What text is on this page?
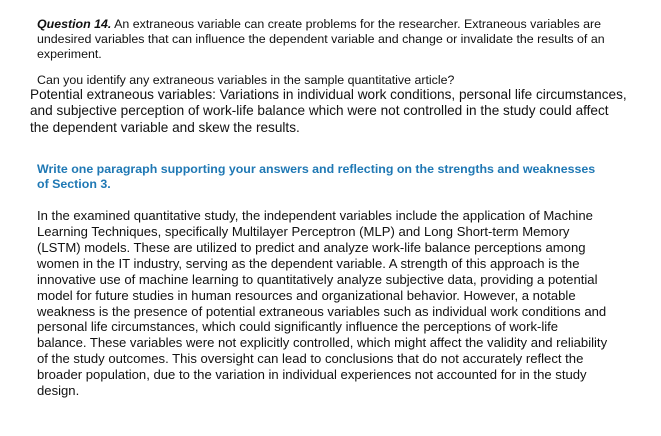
Question 14. An extraneous variable can create problems for the researcher. Extraneous variables are undesired variables that can influence the dependent variable and change or invalidate the results of an experiment.

Can you identify any extraneous variables in the sample quantitative article?

Potential extraneous variables: Variations in individual work conditions, personal life circumstances, and subjective perception of work-life balance which were not controlled in the study could affect the dependent variable and skew the results.

Write one paragraph supporting your answers and reflecting on the strengths and weaknesses of Section 3.

In the examined quantitative study, the independent variables include the application of Machine Learning Techniques, specifically Multilayer Perceptron (MLP) and Long Short-term Memory (LSTM) models. These are utilized to predict and analyze work-life balance perceptions among women in the IT industry, serving as the dependent variable. A strength of this approach is the innovative use of machine learning to quantitatively analyze subjective data, providing a potential model for future studies in human resources and organizational behavior. However, a notable weakness is the presence of potential extraneous variables such as individual work conditions and personal life circumstances, which could significantly influence the perceptions of work-life balance. These variables were not explicitly controlled, which might affect the validity and reliability of the study outcomes. This oversight can lead to conclusions that do not accurately reflect the broader population, due to the variation in individual experiences not accounted for in the study design.
